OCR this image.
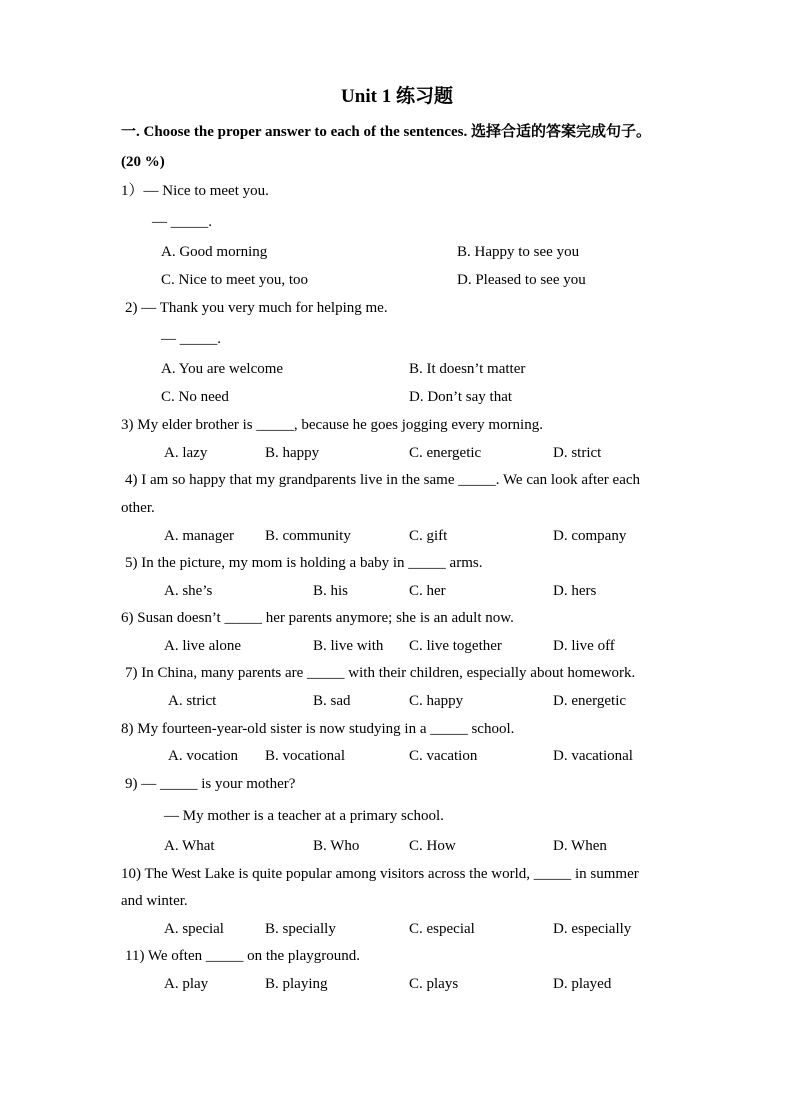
Unit 1 练习题
一. Choose the proper answer to each of the sentences. 选择合适的答案完成句子。
(20 %)
1）— Nice to meet you.
— _____.
A. Good morning	B. Happy to see you
C. Nice to meet you, too	D. Pleased to see you
2) — Thank you very much for helping me.
— _____.
A. You are welcome	B. It doesn’t matter
C. No need	D. Don’t say that
3) My elder brother is _____, because he goes jogging every morning.
A. lazy	B. happy	C. energetic	D. strict
4) I am so happy that my grandparents live in the same _____. We can look after each
other.
A. manager B. community	C. gift	D. company
5) In the picture, my mom is holding a baby in _____ arms.
A. she’s	B. his	C. her	D. hers
6) Susan doesn’t _____ her parents anymore; she is an adult now.
A. live alone	B. live with C. live together	D. live off
7) In China, many parents are _____ with their children, especially about homework.
A. strict	B. sad	C. happy	D. energetic
8) My fourteen-year-old sister is now studying in a _____ school.
A. vocation B. vocational	C. vacation	D. vacational
9) — _____ is your mother?
— My mother is a teacher at a primary school.
A. What	B. Who	C. How	D. When
10) The West Lake is quite popular among visitors across the world, _____ in summer
and winter.
A. special	B. specially	C. especial	D. especially
11) We often _____ on the playground.
A. play	B. playing	C. plays	D. played
